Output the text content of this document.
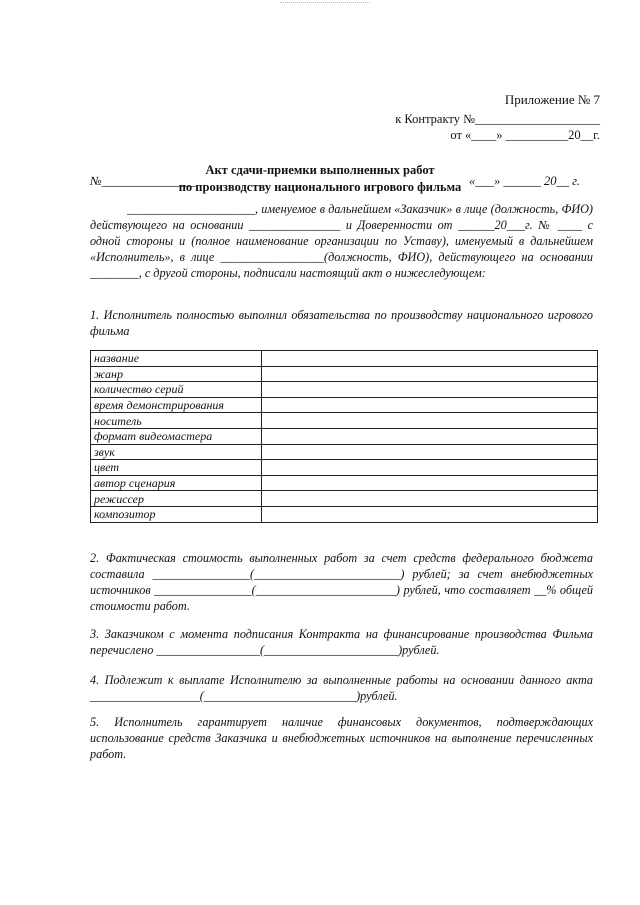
Приложение № 7
к Контракту №____________________
от «____» __________20__г.
Акт сдачи-приемки выполненных работ
по производству национального игрового фильма
№_______________	«___» ______ 20__ г.
_____________________, именуемое в дальнейшем «Заказчик» в лице (должность, ФИО) действующего на основании _______________ и Доверенности от ______20___г. № ____ с одной стороны и (полное наименование организации по Уставу), именуемый в дальнейшем «Исполнитель», в лице _________________(должность, ФИО), действующего на основании ________, с другой стороны, подписали настоящий акт о нижеследующем:
1. Исполнитель полностью выполнил обязательства по производству национального игрового фильма
название	
жанр	
количество серий	
время демонстрирования	
носитель	
формат видеомастера	
звук	
цвет	
автор сценария	
режиссер	
композитор	
2. Фактическая стоимость выполненных работ за счет средств федерального бюджета составила ________________(________________________) рублей; за счет внебюджетных источников ________________(_______________________) рублей, что составляет __% общей стоимости работ.
3. Заказчиком с момента подписания Контракта на финансирование производства Фильма перечислено _________________(______________________)рублей.
4. Подлежит к выплате Исполнителю за выполненные работы на основании данного акта __________________(_________________________)рублей.
5. Исполнитель гарантирует наличие финансовых документов, подтверждающих использование средств Заказчика и внебюджетных источников на выполнение перечисленных работ.
